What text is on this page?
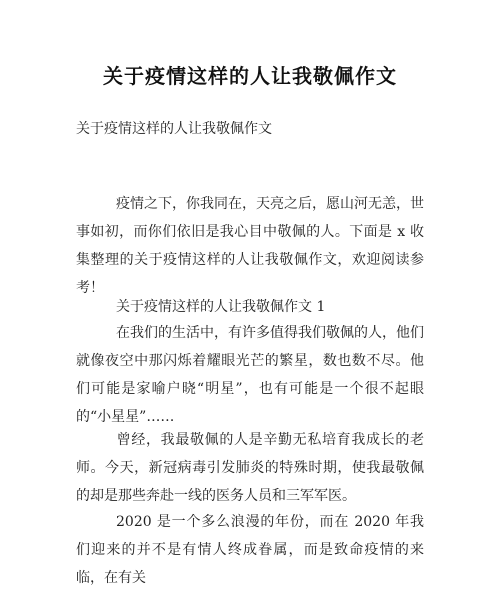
关于疫情这样的人让我敬佩作文
关于疫情这样的人让我敬佩作文
疫情之下，你我同在，天亮之后，愿山河无恙，世事如初，而你们依旧是我心目中敬佩的人。下面是 x 收集整理的关于疫情这样的人让我敬佩作文，欢迎阅读参考！
关于疫情这样的人让我敬佩作文 1
在我们的生活中，有许多值得我们敬佩的人，他们就像夜空中那闪烁着耀眼光芒的繁星，数也数不尽。他们可能是家喻户晓“明星”，也有可能是一个很不起眼的“小星星”……
曾经，我最敬佩的人是辛勤无私培育我成长的老师。今天，新冠病毒引发肺炎的特殊时期，使我最敬佩的却是那些奔赴一线的医务人员和三军军医。
2020 是一个多么浪漫的年份，而在 2020 年我们迎来的并不是有情人终成眷属，而是致命疫情的来临，在有关
